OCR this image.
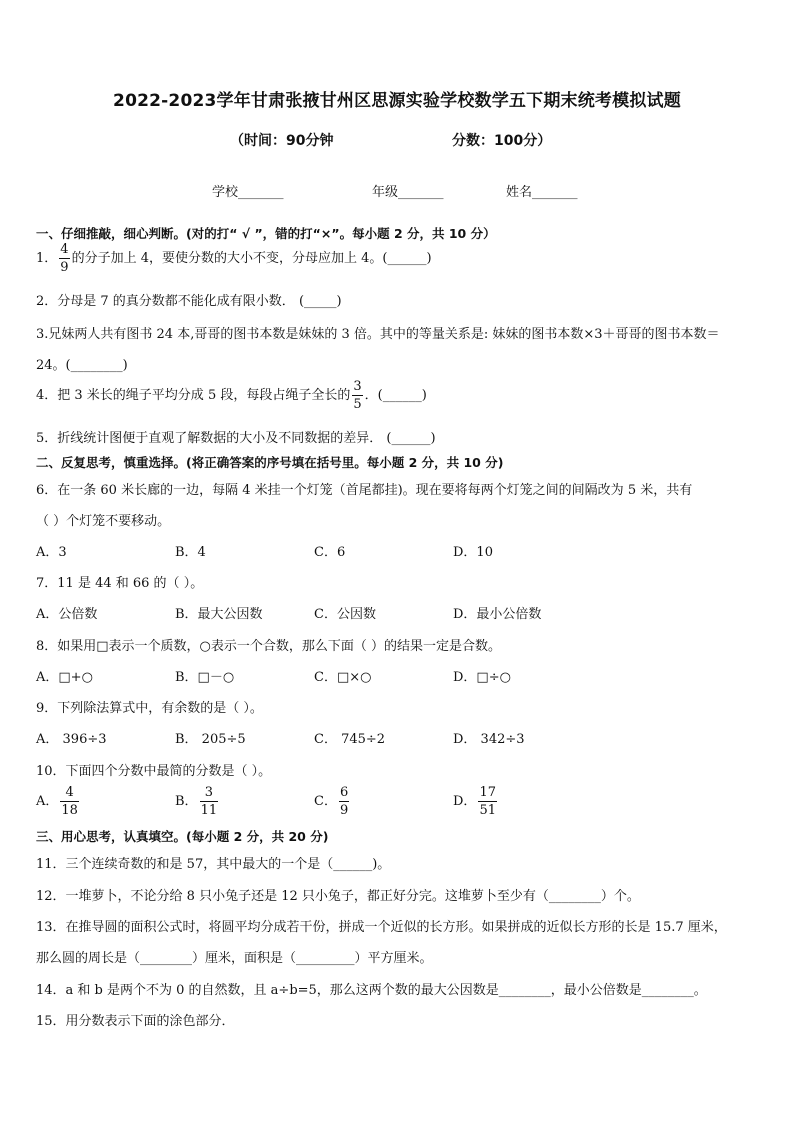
2022-2023学年甘肃张掖甘州区思源实验学校数学五下期末统考模拟试题
（时间：90分钟	分数：100分）
学校_______	年级_______	姓名_______
一、仔细推敲，细心判断。(对的打“ √ ”，错的打“×”。每小题 2 分，共 10 分）
1． $\frac{4}{9}$ 的分子加上 4，要使分数的大小不变，分母应加上 4。(______)
2．分母是 7 的真分数都不能化成有限小数． (_____)
3.兄妹两人共有图书 24 本,哥哥的图书本数是妹妹的 3 倍。其中的等量关系是: 妹妹的图书本数×3＋哥哥的图书本数＝
24。(________)
4．把 3 米长的绳子平均分成 5 段，每段占绳子全长的 $\frac{3}{5}$ ．(______)
5．折线统计图便于直观了解数据的大小及不同数据的差异． (______)
二、反复思考，慎重选择。(将正确答案的序号填在括号里。每小题 2 分，共 10 分)
6．在一条 60 米长廊的一边，每隔 4 米挂一个灯笼（首尾都挂)。现在要将每两个灯笼之间的间隔改为 5 米，共有
（ ）个灯笼不要移动。
A．3	B．4	C．6	D．10
7．11 是 44 和 66 的（ ）。
A．公倍数	B．最大公因数	C．公因数	D．最小公倍数
8．如果用□表示一个质数，○表示一个合数，那么下面（ ）的结果一定是合数。
A．□+○	B．□－○	C．□×○	D．□÷○
9．下列除法算式中，有余数的是（ ）。
A． 396÷3	B． 205÷5	C． 745÷2	D． 342÷3
10．下面四个分数中最简的分数是（ ）。
A． $\frac{4}{18}$	B． $\frac{3}{11}$	C． $\frac{6}{9}$	D． $\frac{17}{51}$
三、用心思考，认真填空。(每小题 2 分，共 20 分)
11．三个连续奇数的和是 57，其中最大的一个是（______)。
12．一堆萝卜，不论分给 8 只小兔子还是 12 只小兔子，都正好分完。这堆萝卜至少有（________）个。
13．在推导圆的面积公式时，将圆平均分成若干份，拼成一个近似的长方形。如果拼成的近似长方形的长是 15.7 厘米，
那么圆的周长是（________）厘米，面积是（_________）平方厘米。
14．a 和 b 是两个不为 0 的自然数，且 a÷b=5，那么这两个数的最大公因数是________，最小公倍数是________。
15．用分数表示下面的涂色部分．
